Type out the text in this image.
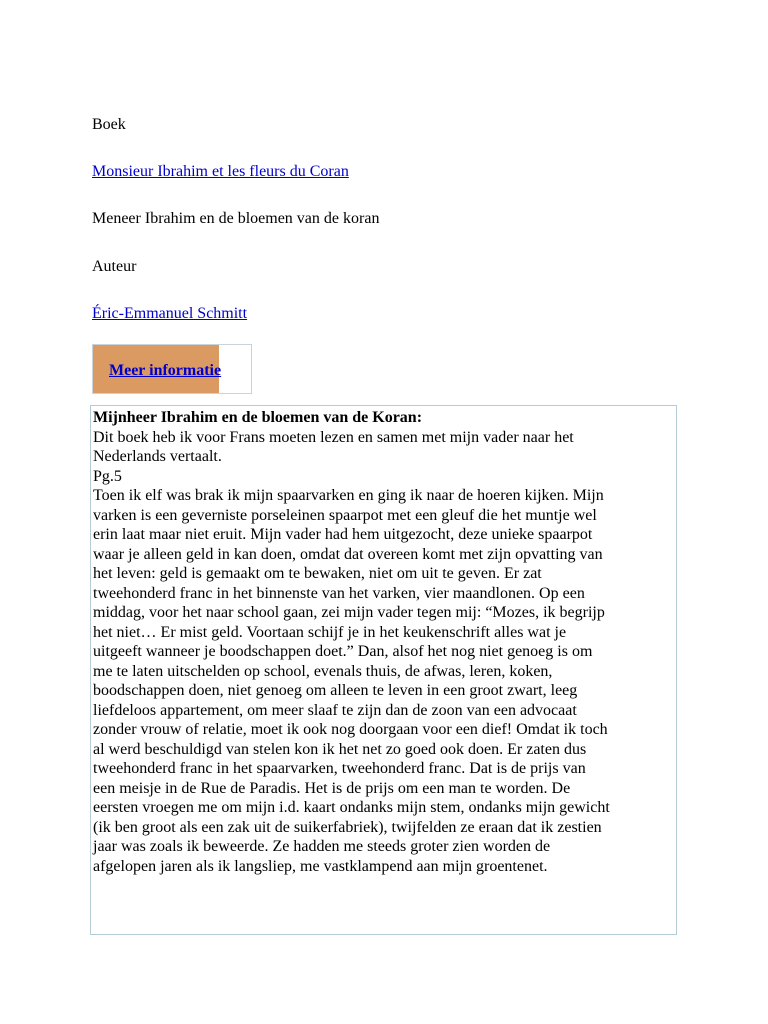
Boek
Monsieur Ibrahim et les fleurs du Coran
Meneer Ibrahim en de bloemen van de koran
Auteur
Éric-Emmanuel Schmitt
Meer informatie
Mijnheer Ibrahim en de bloemen van de Koran:
Dit boek heb ik voor Frans moeten lezen en samen met mijn vader naar het
Nederlands vertaalt.
Pg.5
Toen ik elf was brak ik mijn spaarvarken en ging ik naar de hoeren kijken. Mijn
varken is een geverniste porseleinen spaarpot met een gleuf die het muntje wel
erin laat maar niet eruit. Mijn vader had hem uitgezocht, deze unieke spaarpot
waar je alleen geld in kan doen, omdat dat overeen komt met zijn opvatting van
het leven: geld is gemaakt om te bewaken, niet om uit te geven. Er zat
tweehonderd franc in het binnenste van het varken, vier maandlonen. Op een
middag, voor het naar school gaan, zei mijn vader tegen mij: “Mozes, ik begrijp
het niet… Er mist geld. Voortaan schijf je in het keukenschrift alles wat je
uitgeeft wanneer je boodschappen doet.” Dan, alsof het nog niet genoeg is om
me te laten uitschelden op school, evenals thuis, de afwas, leren, koken,
boodschappen doen, niet genoeg om alleen te leven in een groot zwart, leeg
liefdeloos appartement, om meer slaaf te zijn dan de zoon van een advocaat
zonder vrouw of relatie, moet ik ook nog doorgaan voor een dief! Omdat ik toch
al werd beschuldigd van stelen kon ik het net zo goed ook doen. Er zaten dus
tweehonderd franc in het spaarvarken, tweehonderd franc. Dat is de prijs van
een meisje in de Rue de Paradis. Het is de prijs om een man te worden. De
eersten vroegen me om mijn i.d. kaart ondanks mijn stem, ondanks mijn gewicht
(ik ben groot als een zak uit de suikerfabriek), twijfelden ze eraan dat ik zestien
jaar was zoals ik beweerde. Ze hadden me steeds groter zien worden de
afgelopen jaren als ik langsliep, me vastklampend aan mijn groentenet.
